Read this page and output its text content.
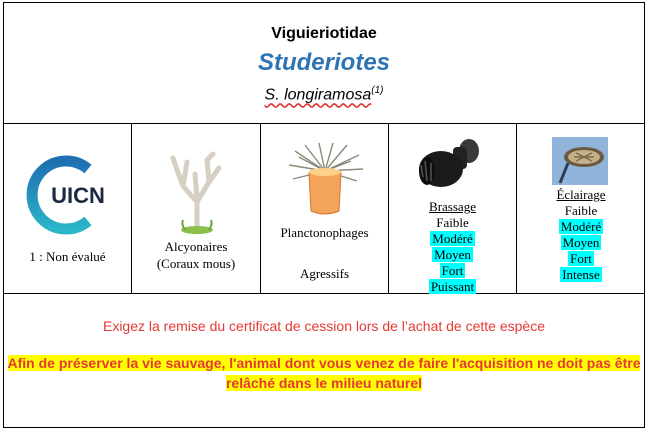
Viguieriotidae
Studeriotes
S. longiramosa$^{(1)}$
UICN
1 : Non évalué
Alcyonaires
(Coraux mous)
Planctonophages
Agressifs
Brassage
Faible
Modéré
Moyen
Fort
Puissant
Éclairage
Faible
Modéré
Moyen
Fort
Intense
Exigez la remise du certificat de cession lors de l’achat de cette espèce
Afin de préserver la vie sauvage, l'animal dont vous venez de faire l'acquisition ne doit pas être
relâché dans le milieu naturel
